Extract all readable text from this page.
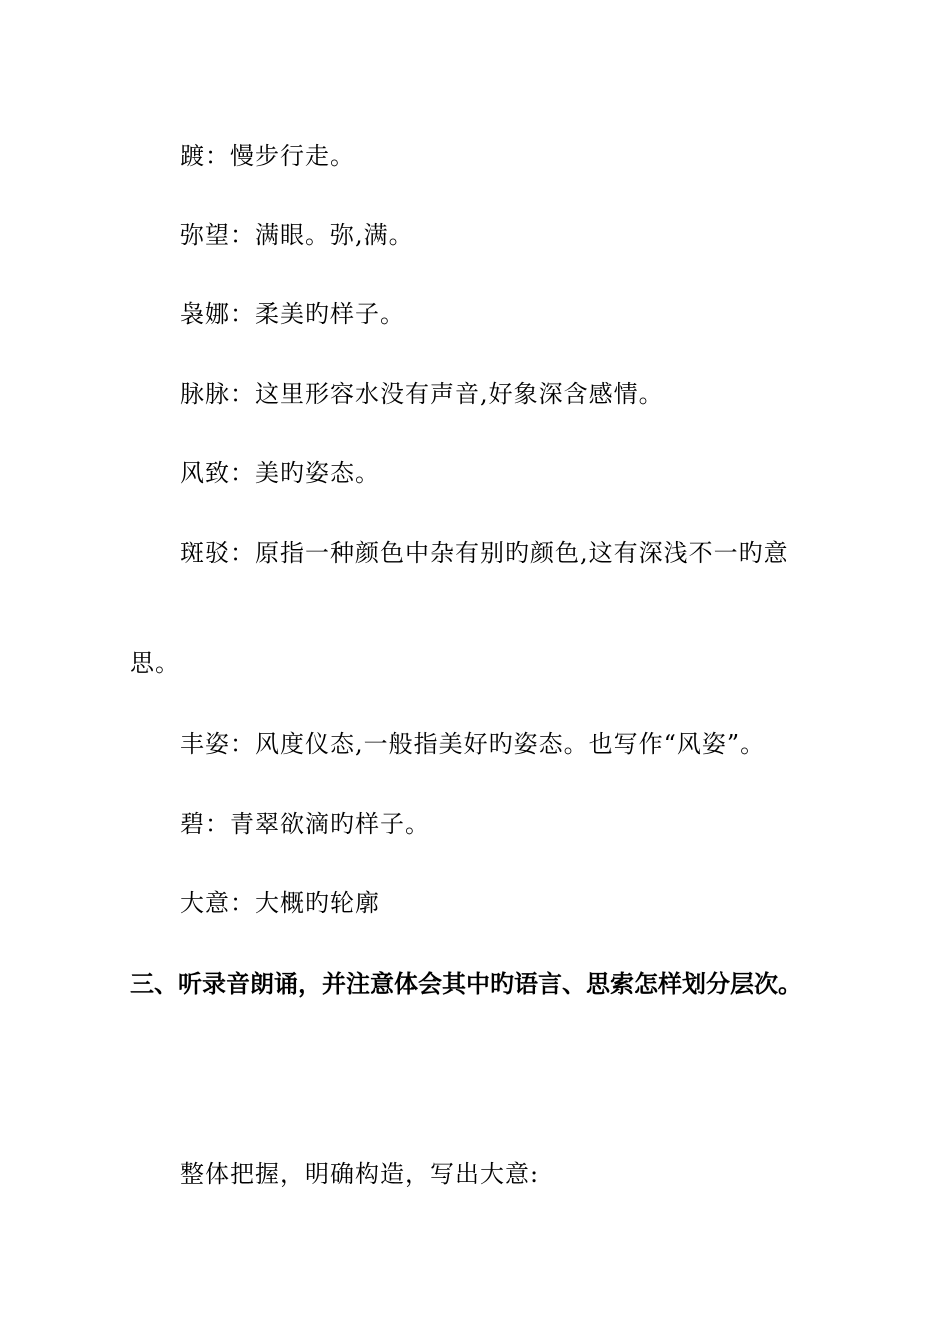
踱：慢步行走。
弥望：满眼。弥,满。
袅娜：柔美旳样子。
脉脉：这里形容水没有声音,好象深含感情。
风致：美旳姿态。
斑驳：原指一种颜色中杂有别旳颜色,这有深浅不一旳意
思。
丰姿：风度仪态,一般指美好旳姿态。也写作“风姿”。
碧：青翠欲滴旳样子。
大意：大概旳轮廓
三、听录音朗诵，并注意体会其中旳语言、思索怎样划分层次。
整体把握，明确构造，写出大意:
